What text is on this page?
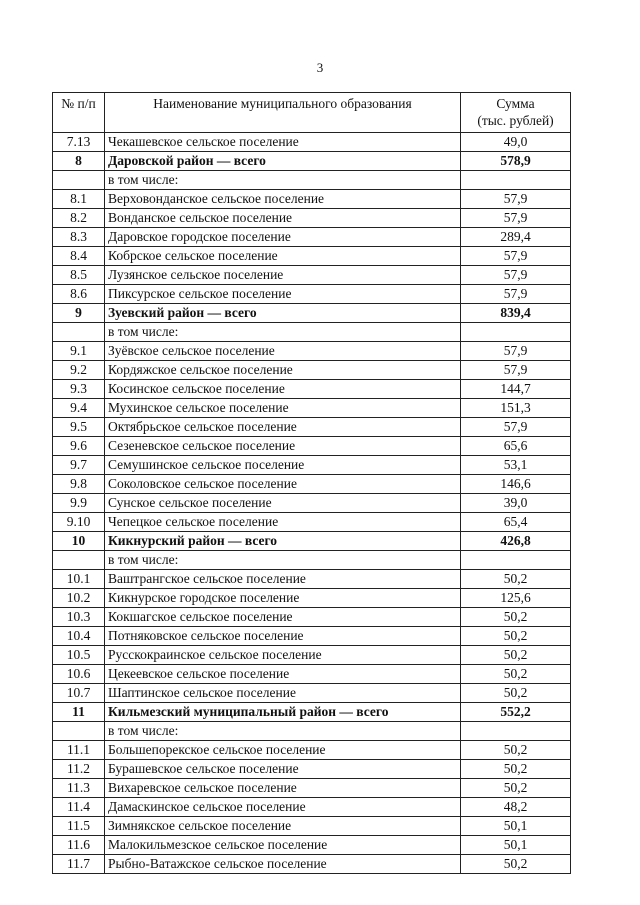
3
№ п/п	Наименование муниципального образования	Сумма
(тыс. рублей)

7.13	Чекашевское сельское поселение	49,0
8	Даровской район — всего	578,9
	в том числе:	
8.1	Верховонданское сельское поселение	57,9
8.2	Вонданское сельское поселение	57,9
8.3	Даровское городское поселение	289,4
8.4	Кобрское сельское поселение	57,9
8.5	Лузянское сельское поселение	57,9
8.6	Пиксурское сельское поселение	57,9
9	Зуевский район — всего	839,4
	в том числе:	
9.1	Зуёвское сельское поселение	57,9
9.2	Кордяжское сельское поселение	57,9
9.3	Косинское сельское поселение	144,7
9.4	Мухинское сельское поселение	151,3
9.5	Октябрьское сельское поселение	57,9
9.6	Сезеневское сельское поселение	65,6
9.7	Семушинское сельское поселение	53,1
9.8	Соколовское сельское поселение	146,6
9.9	Сунское сельское поселение	39,0
9.10	Чепецкое сельское поселение	65,4
10	Кикнурский район — всего	426,8
	в том числе:	
10.1	Ваштрангское сельское поселение	50,2
10.2	Кикнурское городское поселение	125,6
10.3	Кокшагское сельское поселение	50,2
10.4	Потняковское сельское поселение	50,2
10.5	Русскокраинское сельское поселение	50,2
10.6	Цекеевское сельское поселение	50,2
10.7	Шаптинское сельское поселение	50,2
11	Кильмезский муниципальный район — всего	552,2
	в том числе:	
11.1	Большепорекское сельское поселение	50,2
11.2	Бурашевское сельское поселение	50,2
11.3	Вихаревское сельское поселение	50,2
11.4	Дамаскинское сельское поселение	48,2
11.5	Зимнякское сельское поселение	50,1
11.6	Малокильмезское сельское поселение	50,1
11.7	Рыбно-Ватажское сельское поселение	50,2
